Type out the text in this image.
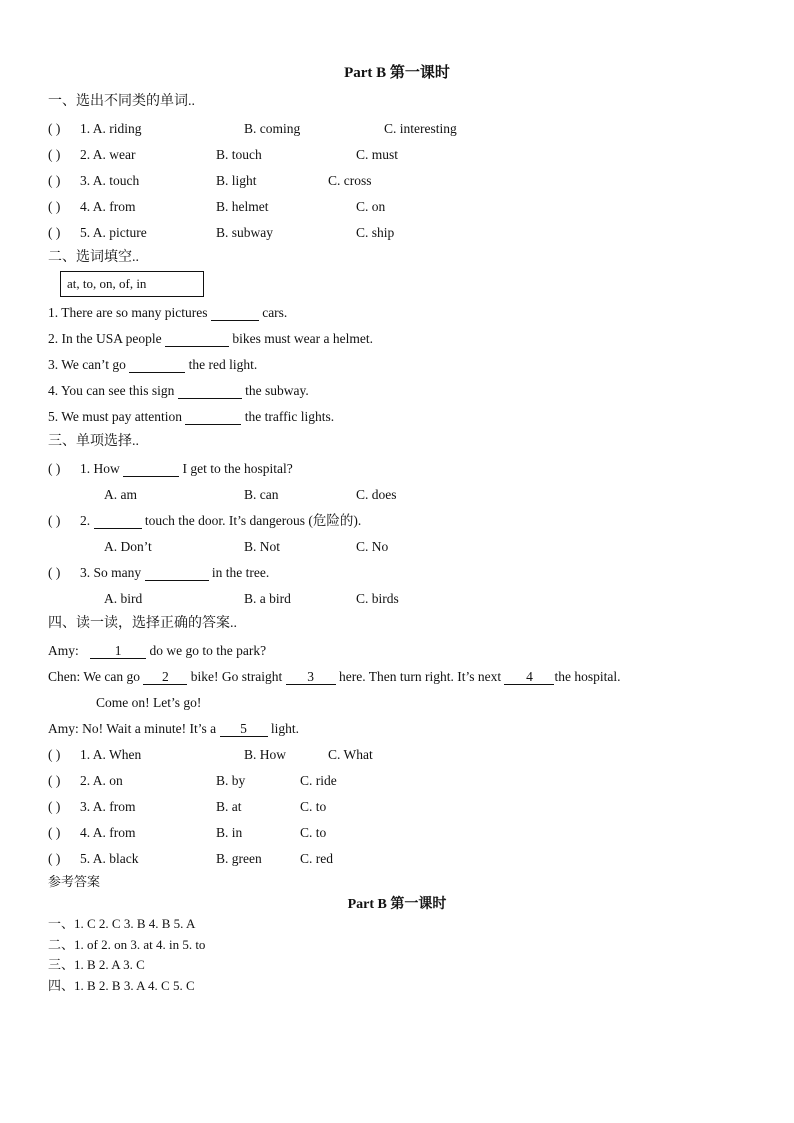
Part B 第一课时
一、选出不同类的单词..
( ) 1. A. riding	B. coming	C. interesting
( ) 2. A. wear	B. touch	C. must
( ) 3. A. touch	B. light	C. cross
( ) 4. A. from	B. helmet	C. on
( ) 5. A. picture	B. subway	C. ship
二、选词填空..
at, to, on, of, in
1. There are so many pictures	cars.
2. In the USA people	bikes must wear a helmet.
3. We can’t go	the red light.
4. You can see this sign	the subway.
5. We must pay attention	the traffic lights.
三、单项选择..
( ) 1. How	I get to the hospital?
A. am	B. can	C. does
( ) 2.	touch the door. It’s dangerous (危险的).
A. Don’t	B. Not	C. No
( ) 3. So many	in the tree.
A. bird	B. a bird	C. birds
四、读一读，选择正确的答案..
Amy:	1 do we go to the park?
Chen: We can go 2 bike! Go straight 3 here. Then turn right. It’s next 4 the hospital.
Come on! Let’s go!
Amy: No! Wait a minute! It’s a 5 light.
( ) 1. A. When	B. How	C. What
( ) 2. A. on	B. by	C. ride
( ) 3. A. from	B. at	C. to
( ) 4. A. from	B. in	C. to
( ) 5. A. black	B. green	C. red
参考答案
Part B 第一课时
一、1. C 2. C 3. B 4. B 5. A
二、1. of 2. on 3. at 4. in 5. to
三、1. B 2. A 3. C
四、1. B 2. B 3. A 4. C 5. C
